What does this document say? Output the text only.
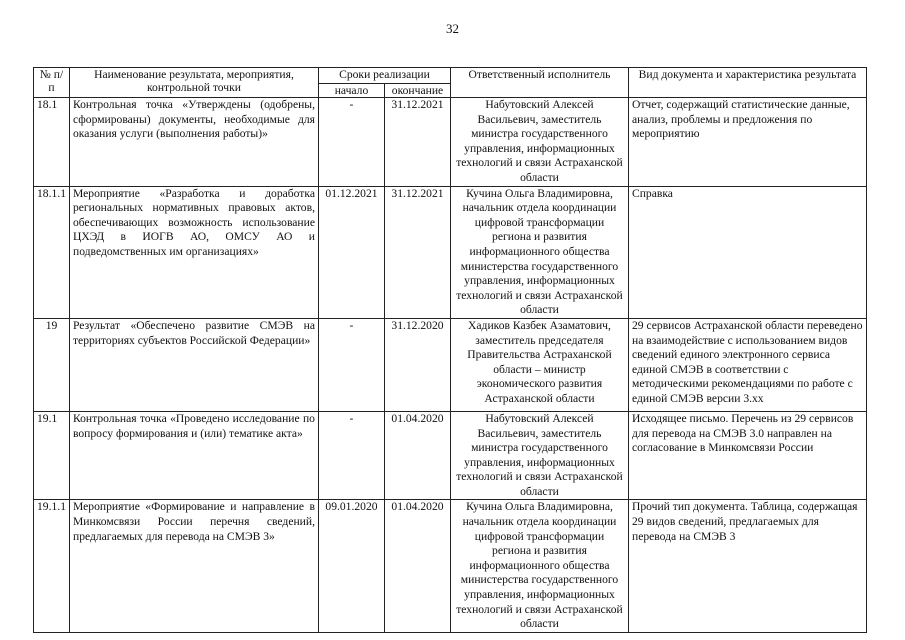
32
№ п/п	Наименование результата, мероприятия, контрольной точки	Сроки реализации		Ответственный исполнитель	Вид документа и характеристика результата
		начало	окончание		
18.1	Контрольная точка «Утверждены (одобрены, сформированы) документы, необходимые для оказания услуги (выполнения работы)»	-	31.12.2021	Набутовский Алексей Васильевич, заместитель министра государственного управления, информационных технологий и связи Астраханской области	Отчет, содержащий статистические данные, анализ, проблемы и предложения по мероприятию
18.1.1	Мероприятие «Разработка и доработка региональных нормативных правовых актов, обеспечивающих возможность использование ЦХЭД в ИОГВ АО, ОМСУ АО и подведомственных им организациях»	01.12.2021	31.12.2021	Кучина Ольга Владимировна, начальник отдела координации цифровой трансформации региона и развития информационного общества министерства государственного управления, информационных технологий и связи Астраханской области	Справка
19	Результат «Обеспечено развитие СМЭВ на территориях субъектов Российской Федерации»	-	31.12.2020	Хадиков Казбек Азаматович, заместитель председателя Правительства Астраханской области – министр экономического развития Астраханской области	29 сервисов Астраханской области переведено на взаимодействие с использованием видов сведений единого электронного сервиса единой СМЭВ в соответствии с методическими рекомендациями по работе с единой СМЭВ версии 3.хх
19.1	Контрольная точка «Проведено исследование по вопросу формирования и (или) тематике акта»	-	01.04.2020	Набутовский Алексей Васильевич, заместитель министра государственного управления, информационных технологий и связи Астраханской области	Исходящее письмо. Перечень из 29 сервисов для перевода на СМЭВ 3.0 направлен на согласование в Минкомсвязи России
19.1.1	Мероприятие «Формирование и направление в Минкомсвязи России перечня сведений, предлагаемых для перевода на СМЭВ 3»	09.01.2020	01.04.2020	Кучина Ольга Владимировна, начальник отдела координации цифровой трансформации региона и развития информационного общества министерства государственного управления, информационных технологий и связи Астраханской области	Прочий тип документа. Таблица, содержащая 29 видов сведений, предлагаемых для перевода на СМЭВ 3
